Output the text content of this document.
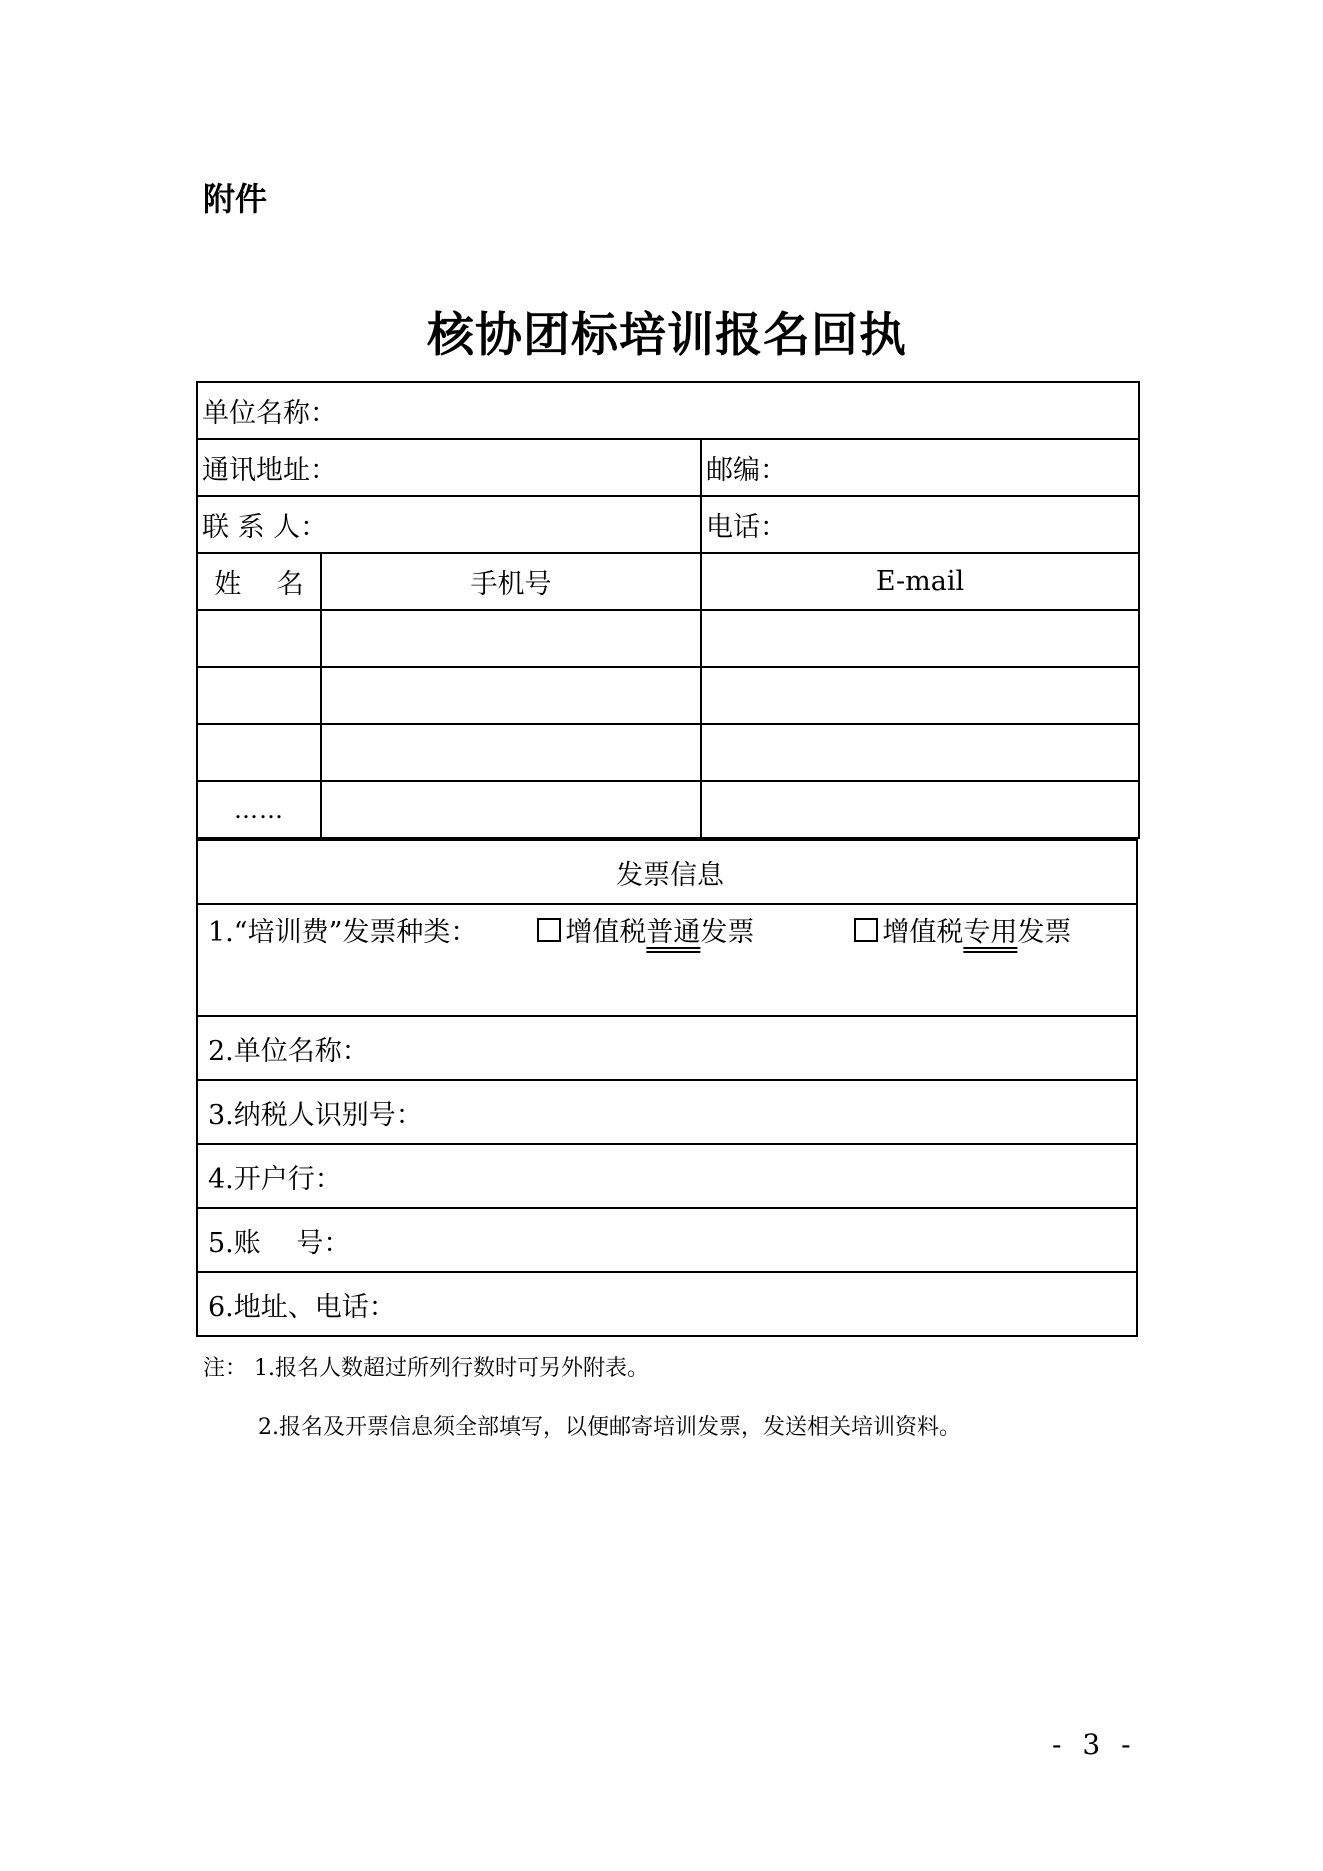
附件
核协团标培训报名回执
单位名称：		
通讯地址：		邮编：
联 系 人：		电话：
姓　 名	手机号	E-mail

……		
发票信息
1.“培训费”发票种类：	增值税普通发票	增值税专用发票
2.单位名称：
3.纳税人识别号：
4.开户行：
5.账　 号：
6.地址、电话：
注： 1.报名人数超过所列行数时可另外附表。
2.报名及开票信息须全部填写，以便邮寄培训发票，发送相关培训资料。
- 3 -
